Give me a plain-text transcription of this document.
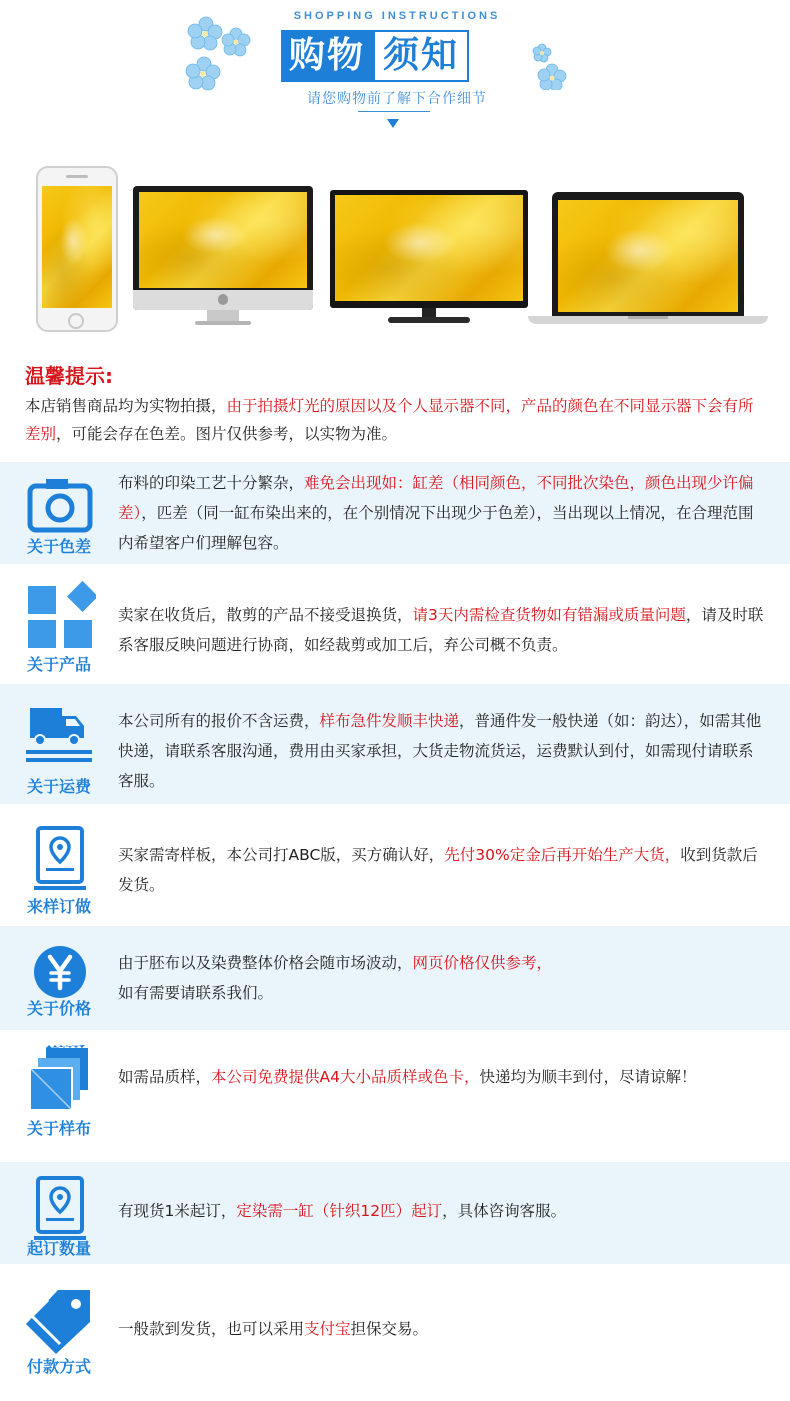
SHOPPING INSTRUCTIONS
购物 须知
请您购物前了解下合作细节
温馨提示:
本店销售商品均为实物拍摄，由于拍摄灯光的原因以及个人显示器不同，产品的颜色在不同显示器下会有所差别，可能会存在色差。图片仅供参考，以实物为准。
关于色差
布料的印染工艺十分繁杂，难免会出现如：缸差（相同颜色，不同批次染色，颜色出现少许偏差），匹差（同一缸布染出来的，在个别情况下出现少于色差），当出现以上情况，在合理范围内希望客户们理解包容。
关于产品
卖家在收货后，散剪的产品不接受退换货，请3天内需检查货物如有错漏或质量问题，请及时联系客服反映问题进行协商，如经裁剪或加工后，弃公司概不负责。
关于运费
本公司所有的报价不含运费，样布急件发顺丰快递，普通件发一般快递（如：韵达），如需其他快递，请联系客服沟通，费用由买家承担，大货走物流货运，运费默认到付，如需现付请联系客服。
来样订做
买家需寄样板，本公司打ABC版，买方确认好，先付30%定金后再开始生产大货，收到货款后发货。
关于价格
由于胚布以及染费整体价格会随市场波动，网页价格仅供参考，
如有需要请联系我们。
关于样布
如需品质样，本公司免费提供A4大小品质样或色卡，快递均为顺丰到付，尽请谅解！
起订数量
有现货1米起订，定染需一缸（针织12匹）起订，具体咨询客服。
付款方式
一般款到发货，也可以采用支付宝担保交易。
